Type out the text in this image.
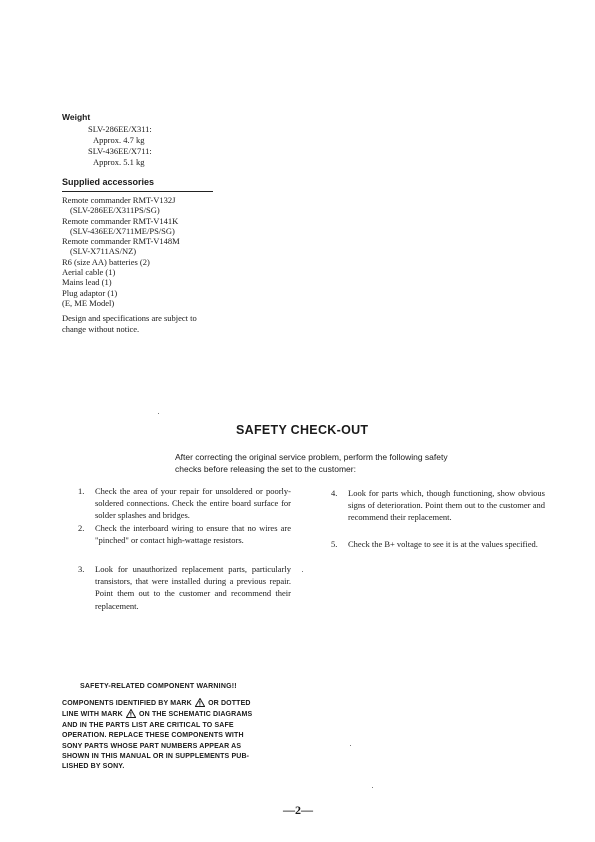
Weight
SLV-286EE/X311:
Approx. 4.7 kg
SLV-436EE/X711:
Approx. 5.1 kg
Supplied accessories
Remote commander RMT-V132J
(SLV-286EE/X311PS/SG)
Remote commander RMT-V141K
(SLV-436EE/X711ME/PS/SG)
Remote commander RMT-V148M
(SLV-X711AS/NZ)
R6 (size AA) batteries (2)
Aerial cable (1)
Mains lead (1)
Plug adaptor (1)
(E, ME Model)
Design and specifications are subject to change without notice.
SAFETY CHECK-OUT
After correcting the original service problem, perform the following safety checks before releasing the set to the customer:
1.	Check the area of your repair for unsoldered or poorly-soldered connections. Check the entire board surface for solder splashes and bridges.
2.	Check the interboard wiring to ensure that no wires are "pinched" or contact high-wattage resistors.
3.	Look for unauthorized replacement parts, particularly transistors, that were installed during a previous repair. Point them out to the customer and recommend their replacement.
4.	Look for parts which, though functioning, show obvious signs of deterioration. Point them out to the customer and recommend their replacement.
5.	Check the B+ voltage to see it is at the values specified.
SAFETY-RELATED COMPONENT WARNING!!
COMPONENTS IDENTIFIED BY MARK ! OR DOTTED
LINE WITH MARK ! ON THE SCHEMATIC DIAGRAMS
AND IN THE PARTS LIST ARE CRITICAL TO SAFE
OPERATION. REPLACE THESE COMPONENTS WITH
SONY PARTS WHOSE PART NUMBERS APPEAR AS
SHOWN IN THIS MANUAL OR IN SUPPLEMENTS PUB-
LISHED BY SONY.
—2—
